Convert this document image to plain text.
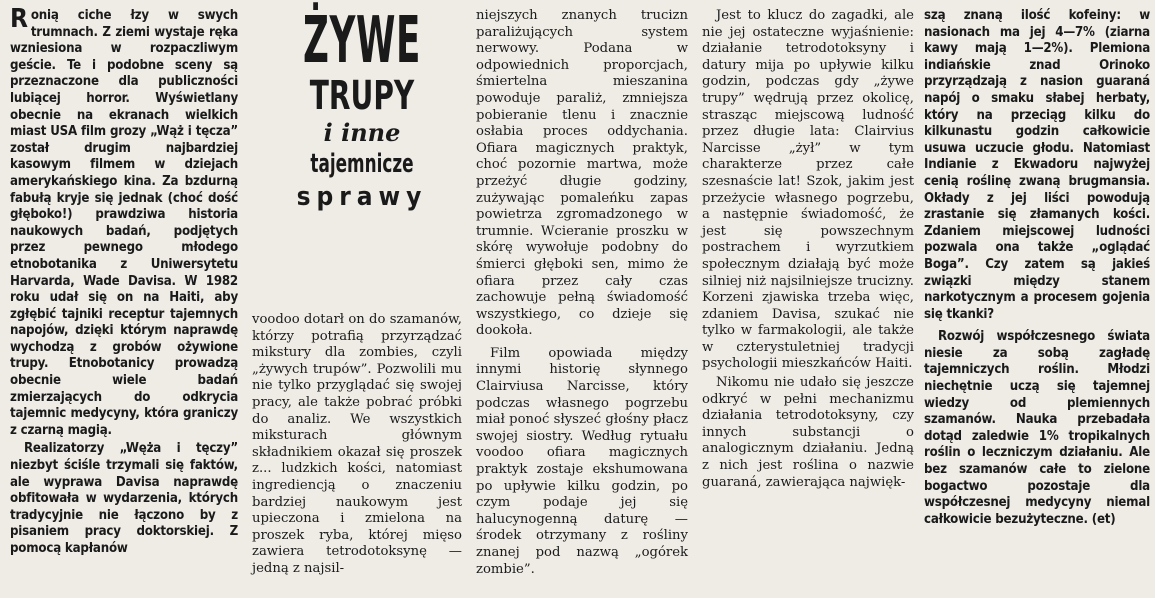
Ronią ciche łzy w swych trumnach. Z ziemi wystaje ręka wzniesiona w rozpaczliwym geście. Te i podobne sceny są przeznaczone dla publiczności lubiącej horror. Wyświetlany obecnie na ekranach wielkich miast USA film grozy „Wąż i tęcza” został drugim najbardziej kasowym filmem w dziejach amerykańskiego kina. Za bzdurną fabułą kryje się jednak (choć dość głęboko!) prawdziwa historia naukowych badań, podjętych przez pewnego młodego etnobotanika z Uniwersytetu Harvarda, Wade Davisa. W 1982 roku udał się on na Haiti, aby zgłębić tajniki receptur tajemnych napojów, dzięki którym naprawdę wychodzą z grobów ożywione trupy. Etnobotanicy prowadzą obecnie wiele badań zmierzających do odkrycia tajemnic medycyny, która graniczy z czarną magią.

Realizatorzy „Węża i tęczy” niezbyt ściśle trzymali się faktów, ale wyprawa Davisa naprawdę obfitowała w wydarzenia, których tradycyjnie nie łączono by z pisaniem pracy doktorskiej. Z pomocą kapłanów

ŻYWE
TRUPY
i inne
tajemnicze
sprawy

voodoo dotarł on do szamanów, którzy potrafią przyrządzać mikstury dla zombies, czyli „żywych trupów”. Pozwolili mu nie tylko przyglądać się swojej pracy, ale także pobrać próbki do analiz. We wszystkich miksturach głównym składnikiem okazał się proszek z... ludzkich kości, natomiast ingrediencją o znaczeniu bardziej naukowym jest upieczona i zmielona na proszek ryba, której mięso zawiera tetrodotoksynę — jedną z najsil-

niejszych znanych trucizn paraliżujących system nerwowy. Podana w odpowiednich proporcjach, śmiertelna mieszanina powoduje paraliż, zmniejsza pobieranie tlenu i znacznie osłabia proces oddychania. Ofiara magicznych praktyk, choć pozornie martwa, może przeżyć długie godziny, zużywając pomaleńku zapas powietrza zgromadzonego w trumnie. Wcieranie proszku w skórę wywołuje podobny do śmierci głęboki sen, mimo że ofiara przez cały czas zachowuje pełną świadomość wszystkiego, co dzieje się dookoła.

Film opowiada między innymi historię słynnego Clairviusa Narcisse, który podczas własnego pogrzebu miał ponoć słyszeć głośny płacz swojej siostry. Według rytuału voodoo ofiara magicznych praktyk zostaje ekshumowana po upływie kilku godzin, po czym podaje jej się halucynogenną daturę — środek otrzymany z rośliny znanej pod nazwą „ogórek zombie”.

Jest to klucz do zagadki, ale nie jej ostateczne wyjaśnienie: działanie tetrodotoksyny i datury mija po upływie kilku godzin, podczas gdy „żywe trupy” wędrują przez okolicę, strasząc miejscową ludność przez długie lata: Clairvius Narcisse „żył” w tym charakterze przez całe szesnaście lat! Szok, jakim jest przeżycie własnego pogrzebu, a następnie świadomość, że jest się powszechnym postrachem i wyrzutkiem społecznym działają być może silniej niż najsilniejsze trucizny. Korzeni zjawiska trzeba więc, zdaniem Davisa, szukać nie tylko w farmakologii, ale także w czterystuletniej tradycji psychologii mieszkańców Haiti.

Nikomu nie udało się jeszcze odkryć w pełni mechanizmu działania tetrodotoksyny, czy innych substancji o analogicznym działaniu. Jedną z nich jest roślina o nazwie guaraná, zawierająca najwięk-

szą znaną ilość kofeiny: w nasionach ma jej 4—7% (ziarna kawy mają 1—2%). Plemiona indiańskie znad Orinoko przyrządzają z nasion guaraná napój o smaku słabej herbaty, który na przeciąg kilku do kilkunastu godzin całkowicie usuwa uczucie głodu. Natomiast Indianie z Ekwadoru najwyżej cenią roślinę zwaną brugmansia. Okłady z jej liści powodują zrastanie się złamanych kości. Zdaniem miejscowej ludności pozwala ona także „oglądać Boga”. Czy zatem są jakieś związki między stanem narkotycznym a procesem gojenia się tkanki?

Rozwój współczesnego świata niesie za sobą zagładę tajemniczych roślin. Młodzi niechętnie uczą się tajemnej wiedzy od plemiennych szamanów. Nauka przebadała dotąd zaledwie 1% tropikalnych roślin o leczniczym działaniu. Ale bez szamanów całe to zielone bogactwo pozostaje dla współczesnej medycyny niemal całkowicie bezużyteczne. (et)
